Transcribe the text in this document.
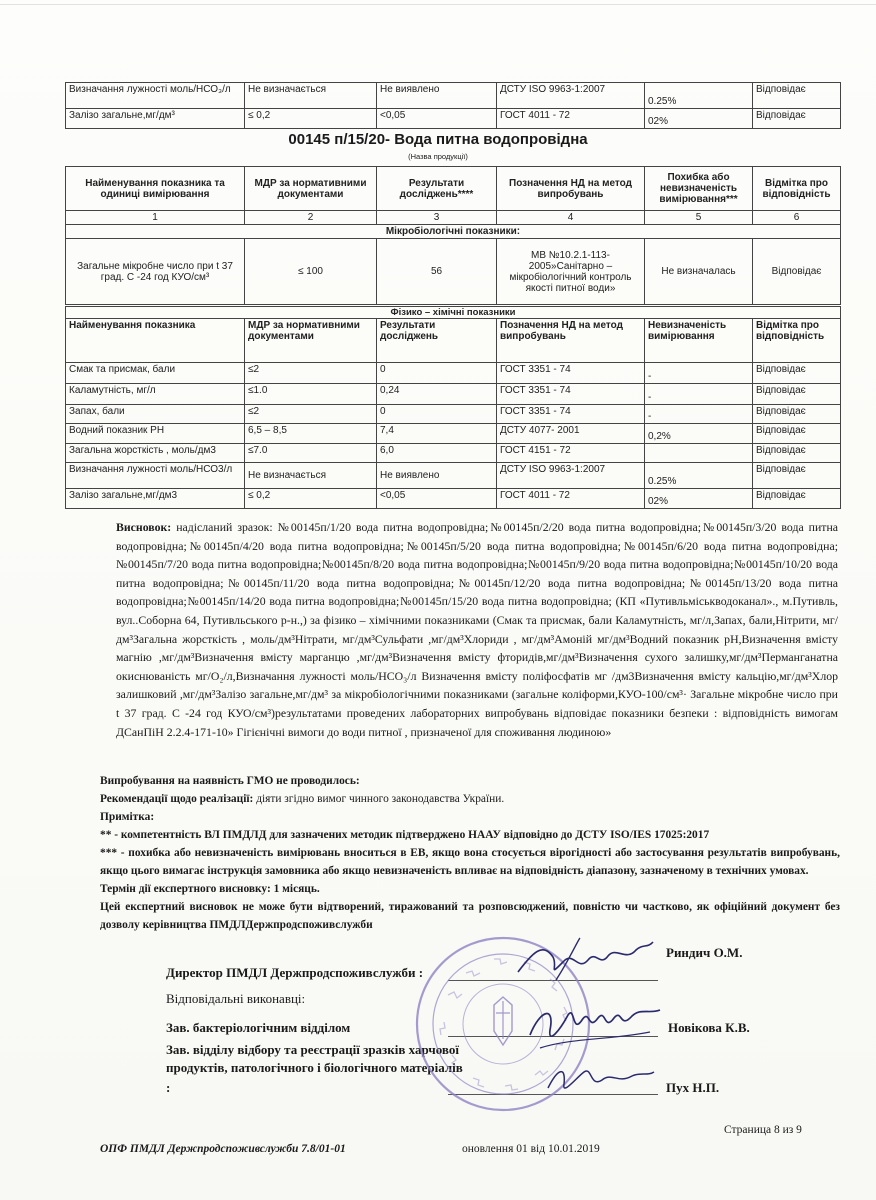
Визначання лужності моль/НСО₃/л	Не визначається	Не виявлено	ДСТУ ISO 9963-1:2007	0.25%	Відповідає
Залізо загальне,мг/дм³	≤ 0,2	<0,05	ГОСТ 4011 - 72	02%	Відповідає
00145 п/15/20- Вода питна водопровідна
(Назва продукції)
Найменування показника та одиниці вимірювання	МДР за нормативними документами	Результати досліджень****	Позначення НД на метод випробувань	Похибка або невизначеність вимірювання***	Відмітка про відповідність
1	2	3	4	5	6
Мікробіологічні показники:					
Загальне мікробне число при t 37 град. С -24 год КУО/см³	≤ 100	56	МВ №10.2.1-113-2005»Санітарно – мікробіологічний контроль якості питної води»	Не визначалась	Відповідає
Фізико – хімічні показники					
Найменування показника	МДР за нормативними документами	Результати досліджень	Позначення НД на метод випробувань	Невизначеність вимірювання	Відмітка про відповідність
Смак та присмак, бали	≤2	0	ГОСТ 3351 - 74	-	Відповідає
Каламутність, мг/л	≤1.0	0,24	ГОСТ 3351 - 74	-	Відповідає
Запах, бали	≤2	0	ГОСТ 3351 - 74	-	Відповідає
Водний показник РН	6,5 – 8,5	7,4	ДСТУ 4077- 2001	0,2%	Відповідає
Загальна жорсткість , моль/дм3	≤7.0	6,0	ГОСТ 4151 - 72		Відповідає
Визначання лужності моль/НСО3/л	Не визначається	Не виявлено	ДСТУ ISO 9963-1:2007	0.25%	Відповідає
Залізо загальне,мг/дм3	≤ 0,2	<0,05	ГОСТ 4011 - 72	02%	Відповідає
Висновок: надісланий зразок: №00145п/1/20 вода питна водопровідна;№00145п/2/20 вода питна водопровідна;№00145п/3/20 вода питна водопровідна;№00145п/4/20 вода питна водопровідна;№00145п/5/20 вода питна водопровідна;№00145п/6/20 вода питна водопровідна;№00145п/7/20 вода питна водопровідна;№00145п/8/20 вода питна водопровідна;№00145п/9/20 вода питна водопровідна;№00145п/10/20 вода питна водопровідна;№00145п/11/20 вода питна водопровідна;№00145п/12/20 вода питна водопровідна;№00145п/13/20 вода питна водопровідна;№00145п/14/20 вода питна водопровідна;№00145п/15/20 вода питна водопровідна; (КП «Путивльміськводоканал»., м.Путивль, вул..Соборна 64, Путивльського р-н.,) за фізико – хімічними показниками (Смак та присмак, бали Каламутність, мг/л,Запах, бали,Нітрити, мг/дм³Загальна жорсткість , моль/дм³Нітрати, мг/дм³Сульфати ,мг/дм³Хлориди , мг/дм³Амоній мг/дм³Водний показник рН,Визначення вмісту магнію ,мг/дм³Визначення вмісту марганцю ,мг/дм³Визначення вмісту фторидів,мг/дм³Визначення сухого залишку,мг/дм³Перманганатна окиснюваність мг/О₂/л,Визначання лужності моль/НСО₃/л Визначення вмісту поліфосфатів мг /дм3Визначення вмісту кальцію,мг/дм³Хлор залишковий ,мг/дм³Залізо загальне,мг/дм³ за мікробіологічними показниками (загальне коліформи,КУО-100/см³· Загальне мікробне число при t 37 град. С -24 год КУО/см³)результатами проведених лабораторних випробувань відповідає показники безпеки : відповідність вимогам ДСанПіН 2.2.4-171-10» Гігієнічні вимоги до води питної , призначеної для споживання людиною»

Випробування на наявність ГМО не проводилось:

Рекомендації щодо реалізації: діяти згідно вимог чинного законодавства України.

Примітка:

** - компетентність ВЛ ПМДЛД для зазначених методик підтверджено НААУ відповідно до ДСТУ ISO/IES 17025:2017

*** - похибка або невизначеність вимірювань вноситься в ЕВ, якщо вона стосується вірогідності або застосування результатів випробувань, якщо цього вимагає інструкція замовника або якщо невизначеність впливає на відповідність діапазону, зазначеному в технічних умовах.

Термін дії експертного висновку: 1 місяць.

Цей експертний висновок не може бути відтворений, тиражований та розповсюджений, повністю чи частково, як офіційний документ без дозволу керівництва ПМДЛДержпродспоживслужби

Директор ПМДЛ Держпродспоживслужби :
Риндич О.М.
Відповідальні виконавці:
Зав. бактеріологічним відділом	Новікова К.В.
Зав. відділу відбору та реєстрації зразків харчової
продуктів, патологічного і біологічного матеріалів
:	Пух Н.П.
Страница 8 из 9
ОПФ ПМДЛ Держпродспоживслужби 7.8/01-01	оновлення 01 від 10.01.2019
